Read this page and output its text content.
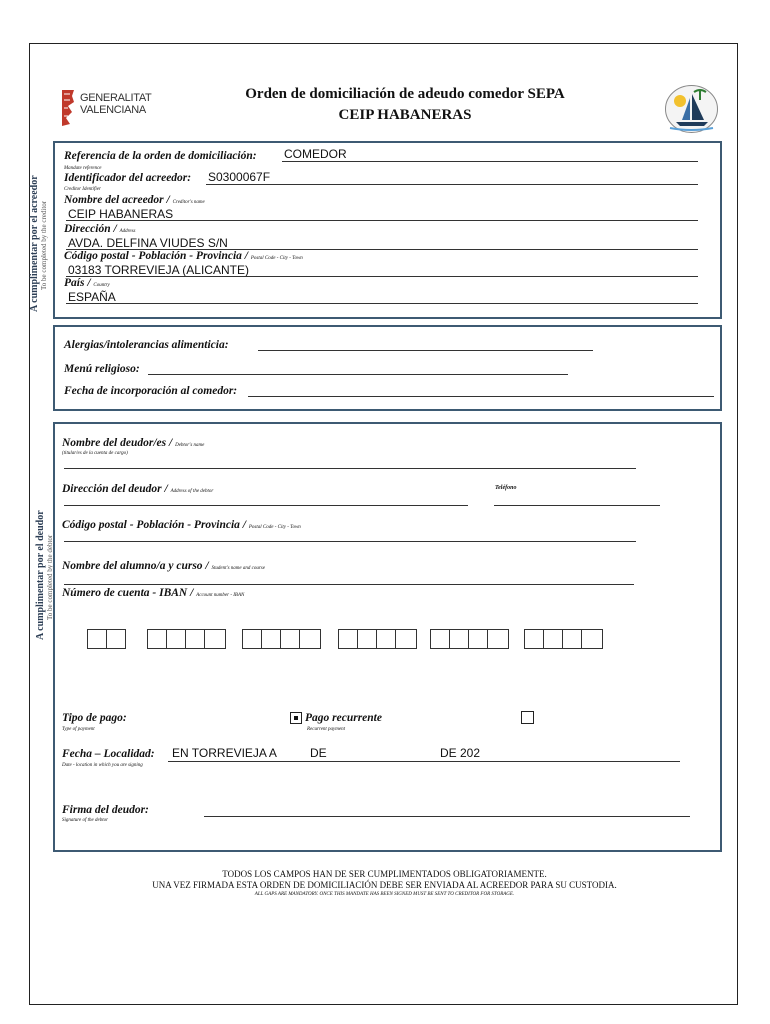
GENERALITAT
VALENCIANA
Orden de domiciliación de adeudo comedor SEPA
CEIP HABANERAS
A cumplimentar por el acreedor To be completed by the creditor
Referencia de la orden de domiciliación:
Mandate reference
COMEDOR
Identificador del acreedor:
Creditor Identifier
S0300067F
Nombre del acreedor / Creditor's name
CEIP HABANERAS
Dirección / Address
AVDA. DELFINA VIUDES S/N
Código postal - Población - Provincia / Postal Code - City - Town
03183 TORREVIEJA (ALICANTE)
País / Country
ESPAÑA
Alergias/intolerancias alimenticia:
Menú religioso:
Fecha de incorporación al comedor:
A cumplimentar por el deudor To be completed by the debtor
Nombre del deudor/es / Debtor's name
(titular/es de la cuenta de cargo)
Dirección del deudor / Address of the debtor
Teléfono
Código postal - Población - Provincia / Postal Code - City - Town
Nombre del alumno/a y curso / Student's name and course
Número de cuenta - IBAN / Account number - IBAN
Tipo de pago:
Type of payment
Pago recurrente
Recurrent payment
Fecha – Localidad:
Date - location in which you are signing
EN TORREVIEJA A	DE	DE 202
Firma del deudor:
Signature of the debtor
TODOS LOS CAMPOS HAN DE SER CUMPLIMENTADOS OBLIGATORIAMENTE.
UNA VEZ FIRMADA ESTA ORDEN DE DOMICILIACIÓN DEBE SER ENVIADA AL ACREEDOR PARA SU CUSTODIA.
ALL GAPS ARE MANDATORY. ONCE THIS MANDATE HAS BEEN SIGNED MUST BE SENT TO CREDITOR FOR STORAGE.
